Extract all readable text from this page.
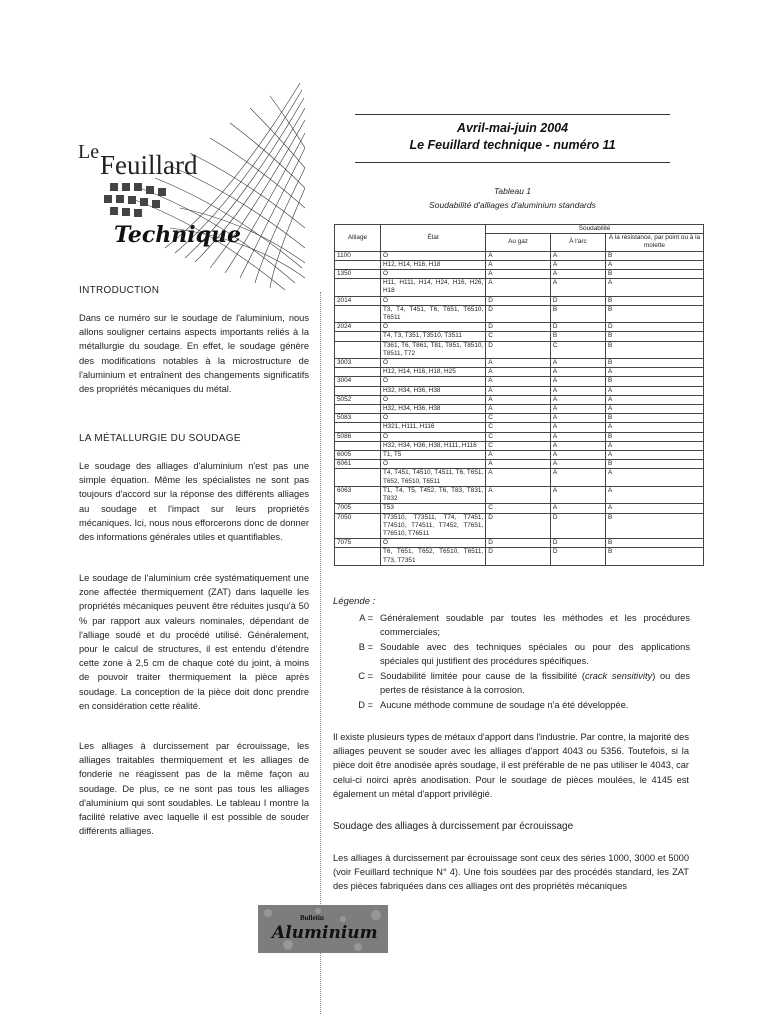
Le Feuillard
Technique
Avril-mai-juin 2004
Le Feuillard technique - numéro 11
Tableau 1
Soudabilité d'alliages d'aluminium standards
Alliage	État	Soudabilité		
		Au gaz	À l'arc	À la résistance, par point ou à la molette
1100	O	A	A	B
	H12, H14, H16, H18	A	A	A
1350	O	A	A	B
	H11, H111, H14, H24, H16, H26, H18	A	A	A
2014	O	D	D	B
	T3, T4, T451, T6, T651, T6510, T6511	D	B	B
2024	O	D	D	D
	T4, T3, T351, T3510, T3511	C	B	B
	T361, T6, T861, T81, T851, T8510, T8511, T72	D	C	B
3003	O	A	A	B
	H12, H14, H16, H18, H25	A	A	A
3004	O	A	A	B
	H32, H34, H36, H38	A	A	A
5052	O	A	A	A
	H32, H34, H36, H38	A	A	A
5083	O	C	A	B
	H321, H111, H116	C	A	A
5086	O	C	A	B
	H32, H34, H36, H38, H111, H116	C	A	A
6005	T1, T5	A	A	A
6061	O	A	A	B
	T4, T451, T4510, T4511, T6, T651, T652, T6510, T6511	A	A	A
6063	T1, T4, T5, T452, T6, T83, T831, T832	A	A	A
7005	T53	C	A	A
7050	T73510, T73511, T74, T7451, T74510, T74511, T7452, T7651, T76510, T76511	D	D	B
7075	O	D	D	B
	T6, T651, T652, T6510, T6511, T73, T7351	D	D	B
INTRODUCTION
Dans ce numéro sur le soudage de l'aluminium, nous allons souligner certains aspects importants reliés à la métallurgie du soudage. En effet, le soudage génère des modifications notables à la microstructure de l'aluminium et entraînent des changements significatifs des propriétés mécaniques du métal.
LA MÉTALLURGIE DU SOUDAGE
Le soudage des alliages d'aluminium n'est pas une simple équation. Même les spécialistes ne sont pas toujours d'accord sur la réponse des différents alliages au soudage et l'impact sur leurs propriétés mécaniques. Ici, nous nous efforcerons donc de donner des informations générales utiles et quantifiables.
Le soudage de l'aluminium crée systématiquement une zone affectée thermiquement (ZAT) dans laquelle les propriétés mécaniques peuvent être réduites jusqu'à 50 % par rapport aux valeurs nominales, dépendant de l'alliage soudé et du procédé utilisé. Généralement, pour le calcul de structures, il est entendu d'étendre cette zone à 2,5 cm de chaque coté du joint, à moins de pouvoir traiter thermiquement la pièce après soudage. La conception de la pièce doit donc prendre en considération cette réalité.
Les alliages à durcissement par écrouissage, les alliages traitables thermiquement et les alliages de fonderie ne réagissent pas de la même façon au soudage. De plus, ce ne sont pas tous les alliages d'aluminium qui sont soudables. Le tableau I montre la facilité relative avec laquelle il est possible de souder différents alliages.
Légende :
A = Généralement soudable par toutes les méthodes et les procédures commerciales;
B = Soudable avec des techniques spéciales ou pour des applications spéciales qui justifient des procédures spécifiques.
C = Soudabilité limitée pour cause de la fissibilité (crack sensitivity) ou des pertes de résistance à la corrosion.
D = Aucune méthode commune de soudage n'a été développée.
Il existe plusieurs types de métaux d'apport dans l'industrie. Par contre, la majorité des alliages peuvent se souder avec les alliages d'apport 4043 ou 5356. Toutefois, si la pièce doit être anodisée après soudage, il est préférable de ne pas utiliser le 4043, car celui-ci noirci après anodisation. Pour le soudage de pièces moulées, le 4145 est également un métal d'apport privilégié.
Soudage des alliages à durcissement par écrouissage
Les alliages à durcissement par écrouissage sont ceux des séries 1000, 3000 et 5000 (voir Feuillard technique N° 4). Une fois soudées par des procédés standard, les ZAT des pièces fabriquées dans ces alliages ont des propriétés mécaniques
Bulletin
Aluminium
